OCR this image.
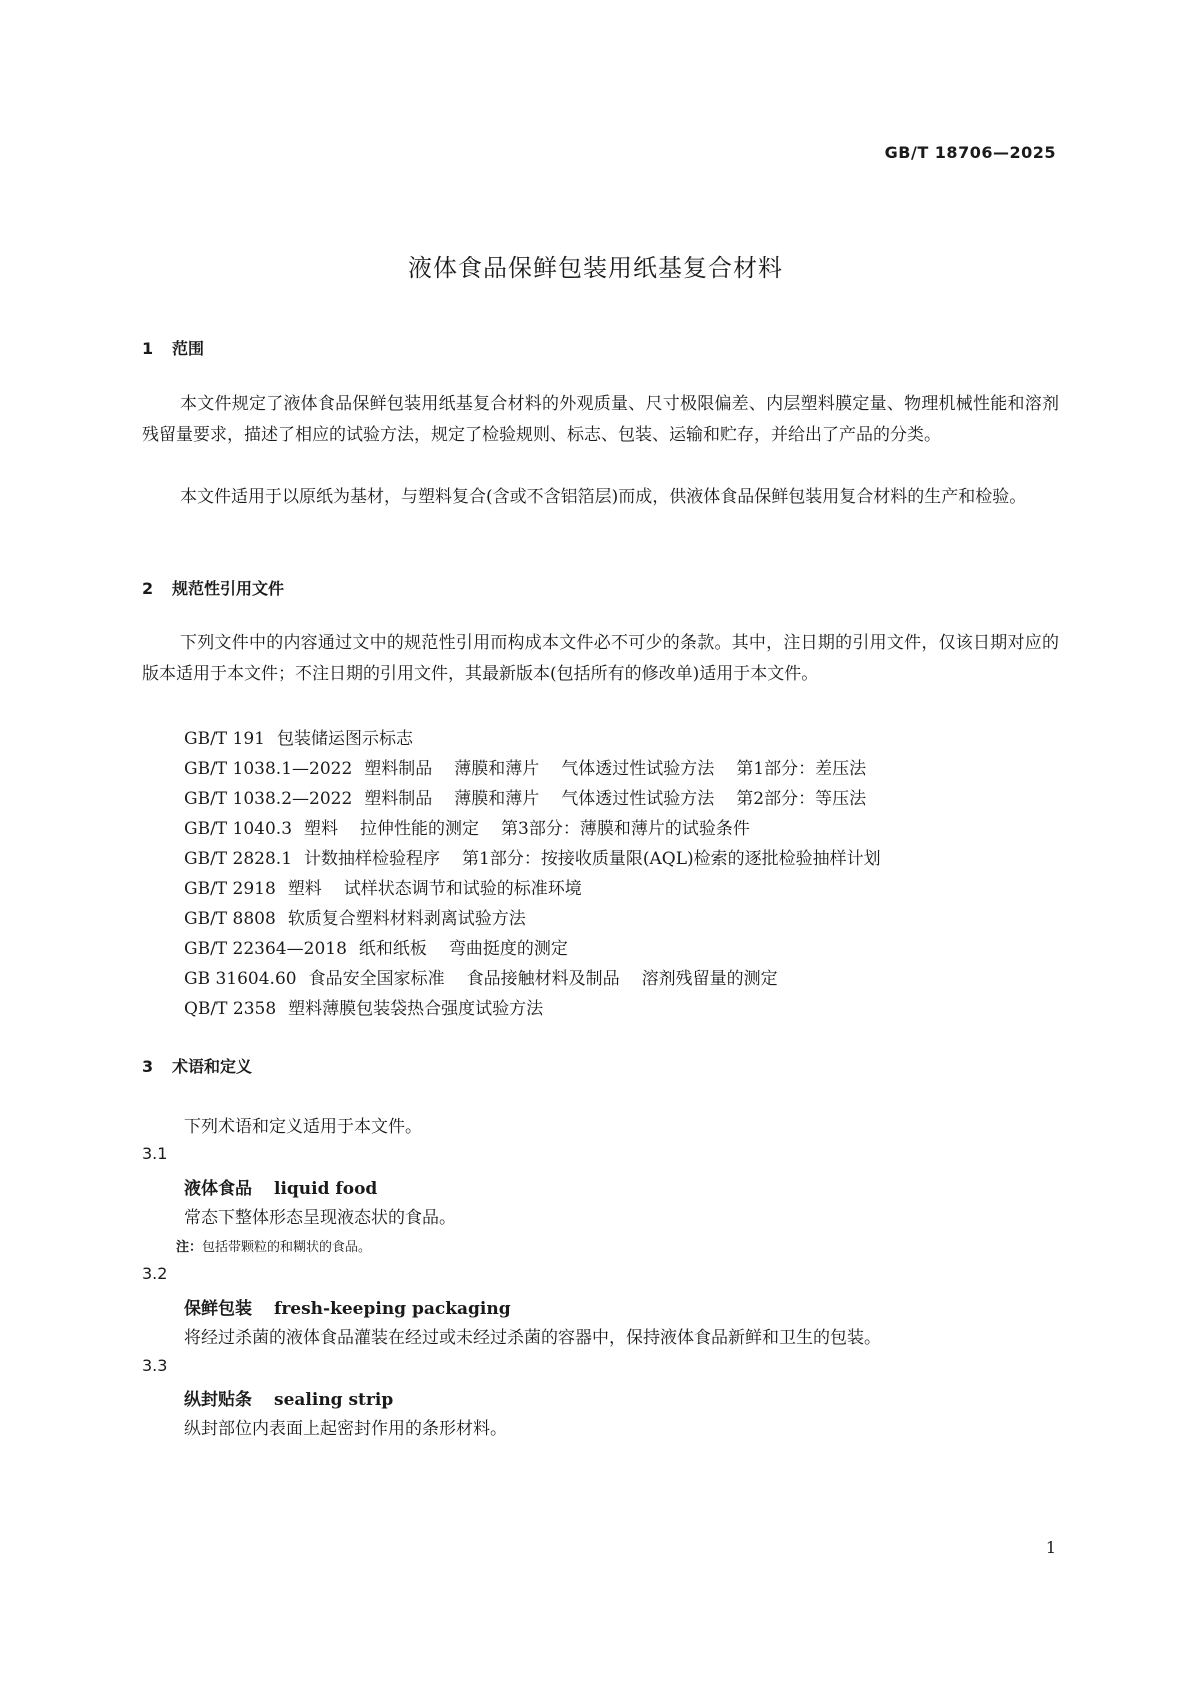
GB/T 18706—2025
液体食品保鲜包装用纸基复合材料
1 范围
本文件规定了液体食品保鲜包装用纸基复合材料的外观质量、尺寸极限偏差、内层塑料膜定量、物理机械性能和溶剂残留量要求，描述了相应的试验方法，规定了检验规则、标志、包装、运输和贮存，并给出了产品的分类。
本文件适用于以原纸为基材，与塑料复合(含或不含铝箔层)而成，供液体食品保鲜包装用复合材料的生产和检验。
2 规范性引用文件
下列文件中的内容通过文中的规范性引用而构成本文件必不可少的条款。其中，注日期的引用文件，仅该日期对应的版本适用于本文件；不注日期的引用文件，其最新版本(包括所有的修改单)适用于本文件。
GB/T 191 包装储运图示标志
GB/T 1038.1—2022 塑料制品 薄膜和薄片 气体透过性试验方法 第1部分：差压法
GB/T 1038.2—2022 塑料制品 薄膜和薄片 气体透过性试验方法 第2部分：等压法
GB/T 1040.3 塑料 拉伸性能的测定 第3部分：薄膜和薄片的试验条件
GB/T 2828.1 计数抽样检验程序 第1部分：按接收质量限(AQL)检索的逐批检验抽样计划
GB/T 2918 塑料 试样状态调节和试验的标准环境
GB/T 8808 软质复合塑料材料剥离试验方法
GB/T 22364—2018 纸和纸板 弯曲挺度的测定
GB 31604.60 食品安全国家标准 食品接触材料及制品 溶剂残留量的测定
QB/T 2358 塑料薄膜包装袋热合强度试验方法
3 术语和定义
下列术语和定义适用于本文件。
3.1
液体食品 liquid food
常态下整体形态呈现液态状的食品。
注：包括带颗粒的和糊状的食品。
3.2
保鲜包装 fresh-keeping packaging
将经过杀菌的液体食品灌装在经过或未经过杀菌的容器中，保持液体食品新鲜和卫生的包装。
3.3
纵封贴条 sealing strip
纵封部位内表面上起密封作用的条形材料。
1
